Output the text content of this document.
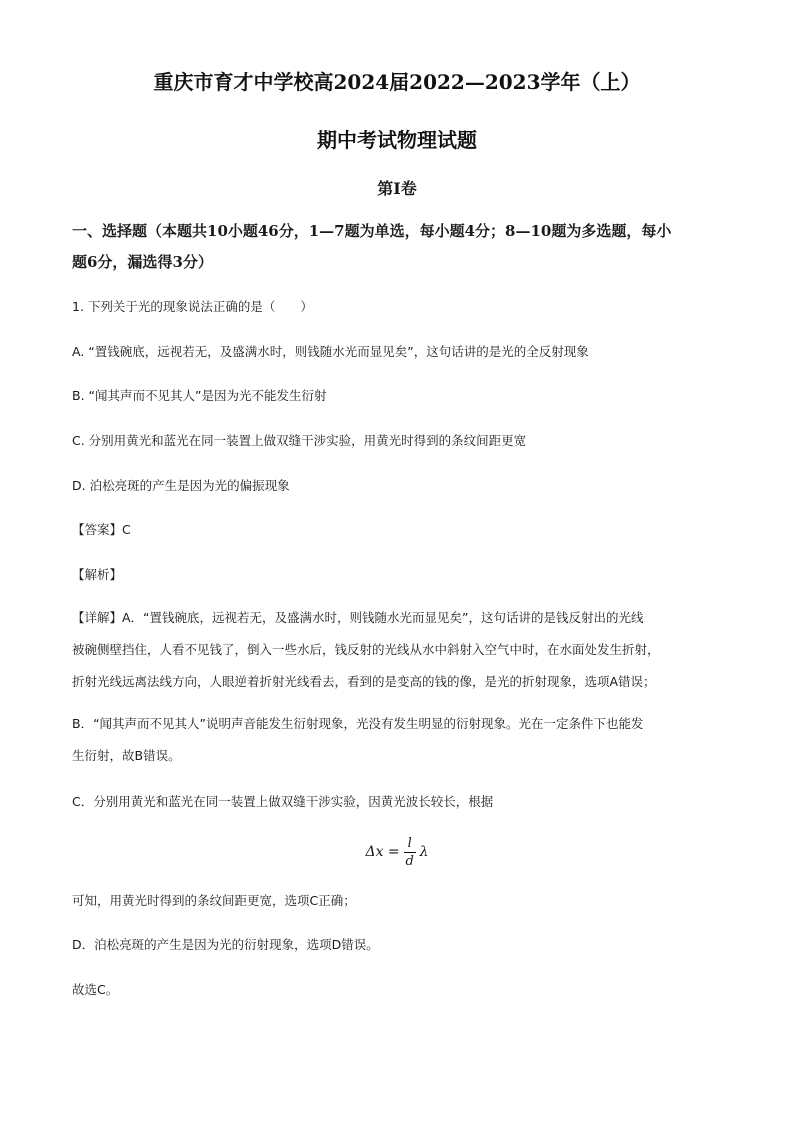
重庆市育才中学校高2024届2022—2023学年（上）
期中考试物理试题
第I卷
一、选择题（本题共10小题46分，1—7题为单选，每小题4分；8—10题为多选题，每小
题6分，漏选得3分）
1. 下列关于光的现象说法正确的是（　　）
A. “置钱碗底，远视若无，及盛满水时，则钱随水光而显见矣”，这句话讲的是光的全反射现象
B. “闻其声而不见其人”是因为光不能发生衍射
C. 分别用黄光和蓝光在同一装置上做双缝干涉实验，用黄光时得到的条纹间距更宽
D. 泊松亮斑的产生是因为光的偏振现象
【答案】C
【解析】
【详解】A．“置钱碗底，远视若无，及盛满水时，则钱随水光而显见矣”，这句话讲的是钱反射出的光线
被碗侧壁挡住，人看不见钱了，倒入一些水后，钱反射的光线从水中斜射入空气中时，在水面处发生折射，
折射光线远离法线方向，人眼逆着折射光线看去，看到的是变高的钱的像，是光的折射现象，选项A错误；
B．“闻其声而不见其人”说明声音能发生衍射现象，光没有发生明显的衍射现象。光在一定条件下也能发
生衍射，故B错误。
C．分别用黄光和蓝光在同一装置上做双缝干涉实验，因黄光波长较长，根据
$\Delta x = \frac{l}{d}$ λ
可知，用黄光时得到的条纹间距更宽，选项C正确；
D．泊松亮斑的产生是因为光的衍射现象，选项D错误。
故选C。
